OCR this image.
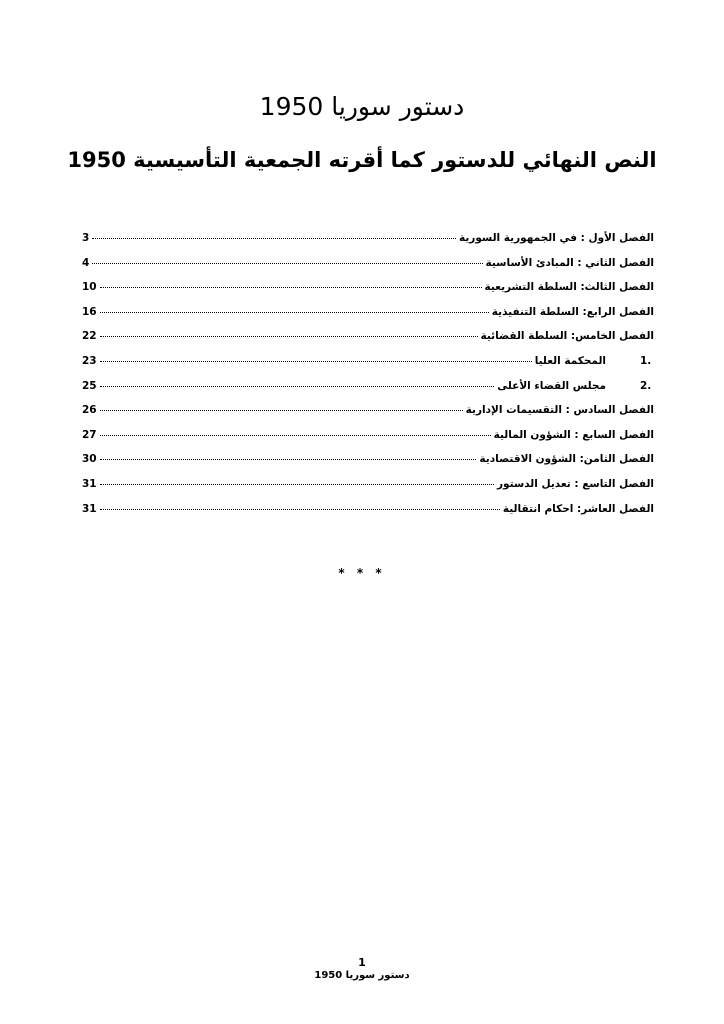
دستور سوريا 1950
النص النهائي للدستور كما أقرته الجمعية التأسيسية 1950
الفصل الأول : في الجمهورية السورية
3
الفصل الثاني : المبادئ الأساسية
4
الفصل الثالث: السلطة التشريعية
10
الفصل الرابع: السلطة التنفيذية
16
الفصل الخامس: السلطة القضائية
22
1.
المحكمة العليا
23
2.
مجلس القضاء الأعلى
25
الفصل السادس : التقسيمات الإدارية
26
الفصل السابع : الشؤون المالية
27
الفصل الثامن: الشؤون الاقتصادية
30
الفصل التاسع : تعديل الدستور
31
الفصل العاشر: احكام انتقالية
31
* * *
1
دستور سوريا 1950
